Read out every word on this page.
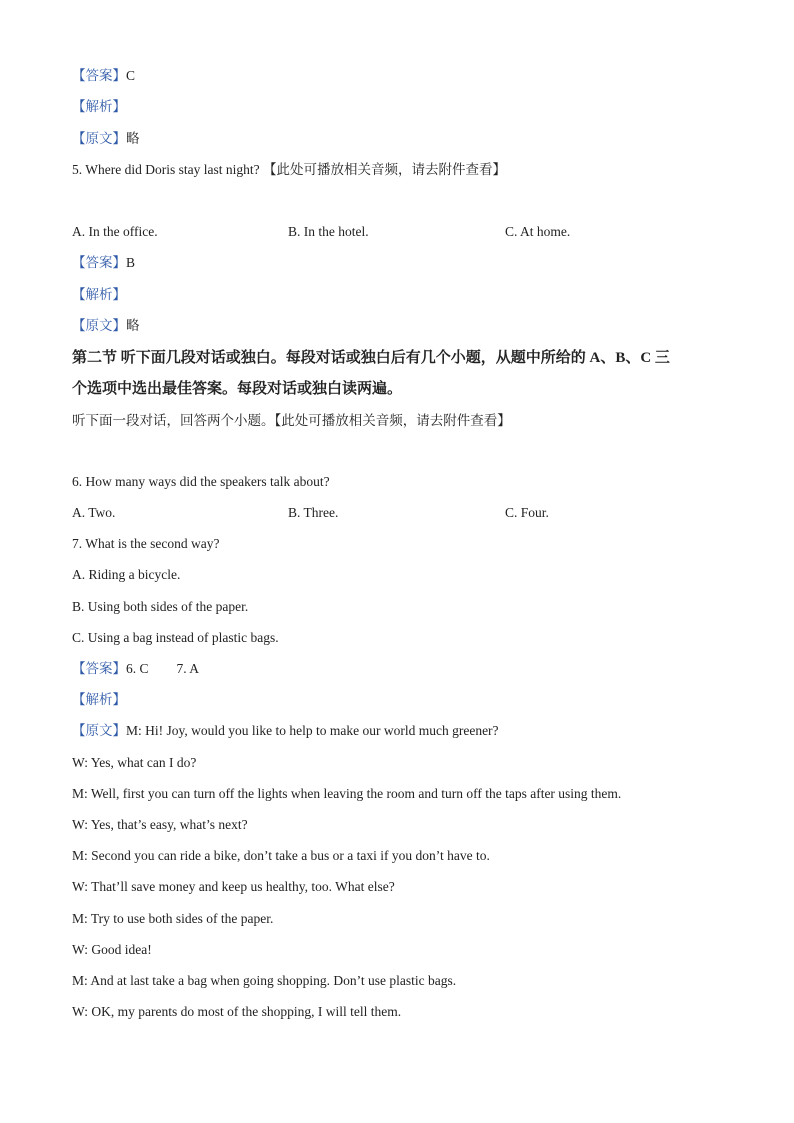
【答案】C
【解析】
【原文】略
5. Where did Doris stay last night? 【此处可播放相关音频，请去附件查看】
A. In the office.	B. In the hotel.	C. At home.
【答案】B
【解析】
【原文】略
第二节 听下面几段对话或独白。每段对话或独白后有几个小题，从题中所给的 A、B、C 三
个选项中选出最佳答案。每段对话或独白读两遍。
听下面一段对话，回答两个小题。【此处可播放相关音频，请去附件查看】
6. How many ways did the speakers talk about?
A. Two.	B. Three.	C. Four.
7. What is the second way?
A. Riding a bicycle.
B. Using both sides of the paper.
C. Using a bag instead of plastic bags.
【答案】6. C 7. A
【解析】
【原文】M: Hi! Joy, would you like to help to make our world much greener?
W: Yes, what can I do?
M: Well, first you can turn off the lights when leaving the room and turn off the taps after using them.
W: Yes, that’s easy, what’s next?
M: Second you can ride a bike, don’t take a bus or a taxi if you don’t have to.
W: That’ll save money and keep us healthy, too. What else?
M: Try to use both sides of the paper.
W: Good idea!
M: And at last take a bag when going shopping. Don’t use plastic bags.
W: OK, my parents do most of the shopping, I will tell them.
